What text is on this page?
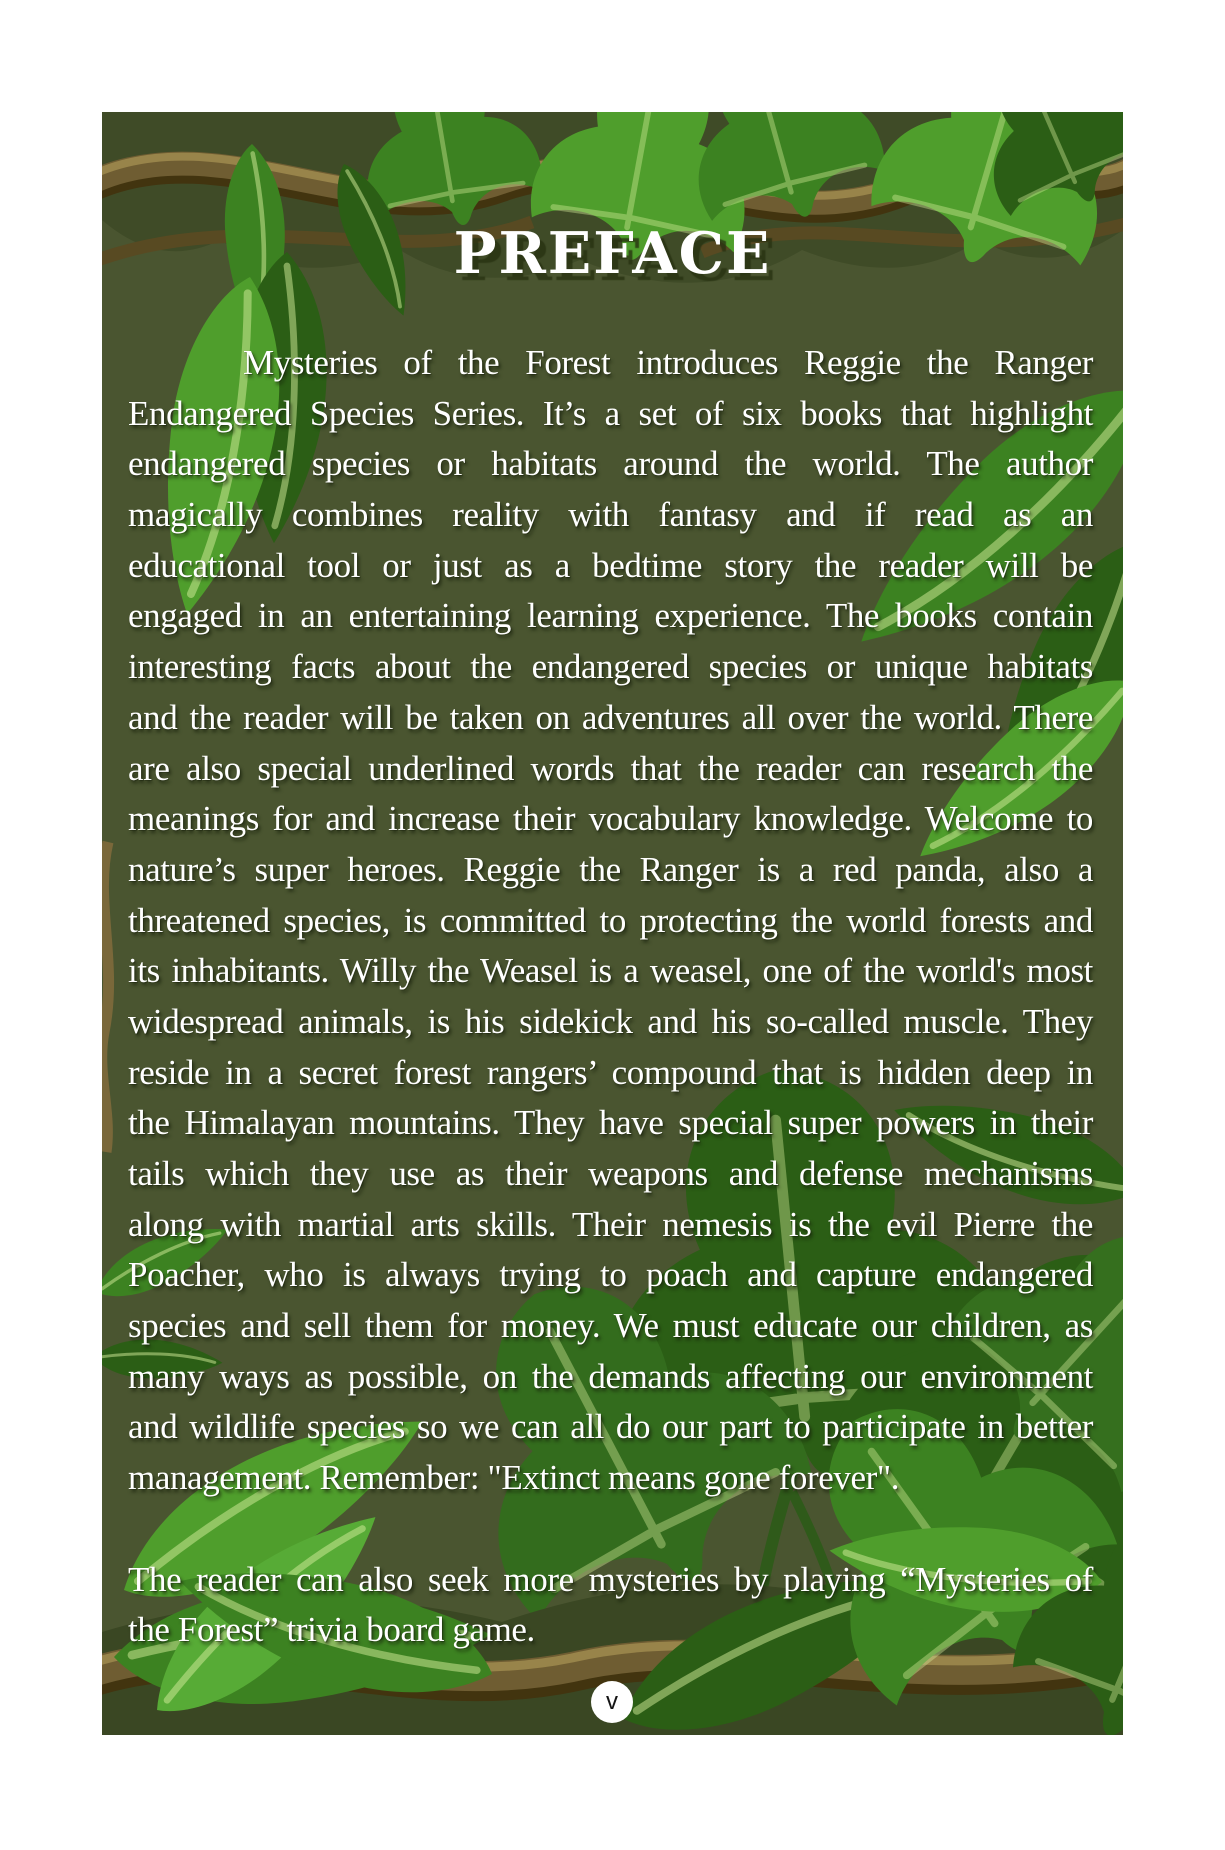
PREFACE
Mysteries of the Forest introduces Reggie the Ranger
Endangered Species Series. It’s a set of six books that highlight
endangered species or habitats around the world. The author
magically combines reality with fantasy and if read as an
educational tool or just as a bedtime story the reader will be
engaged in an entertaining learning experience. The books contain
interesting facts about the endangered species or unique habitats
and the reader will be taken on adventures all over the world. There
are also special underlined words that the reader can research the
meanings for and increase their vocabulary knowledge. Welcome to
nature’s super heroes. Reggie the Ranger is a red panda, also a
threatened species, is committed to protecting the world forests and
its inhabitants. Willy the Weasel is a weasel, one of the world's most
widespread animals, is his sidekick and his so-called muscle. They
reside in a secret forest rangers’ compound that is hidden deep in
the Himalayan mountains. They have special super powers in their
tails which they use as their weapons and defense mechanisms
along with martial arts skills. Their nemesis is the evil Pierre the
Poacher, who is always trying to poach and capture endangered
species and sell them for money. We must educate our children, as
many ways as possible, on the demands affecting our environment
and wildlife species so we can all do our part to participate in better
management. Remember: "Extinct means gone forever".
The reader can also seek more mysteries by playing “Mysteries of
the Forest” trivia board game.
v
